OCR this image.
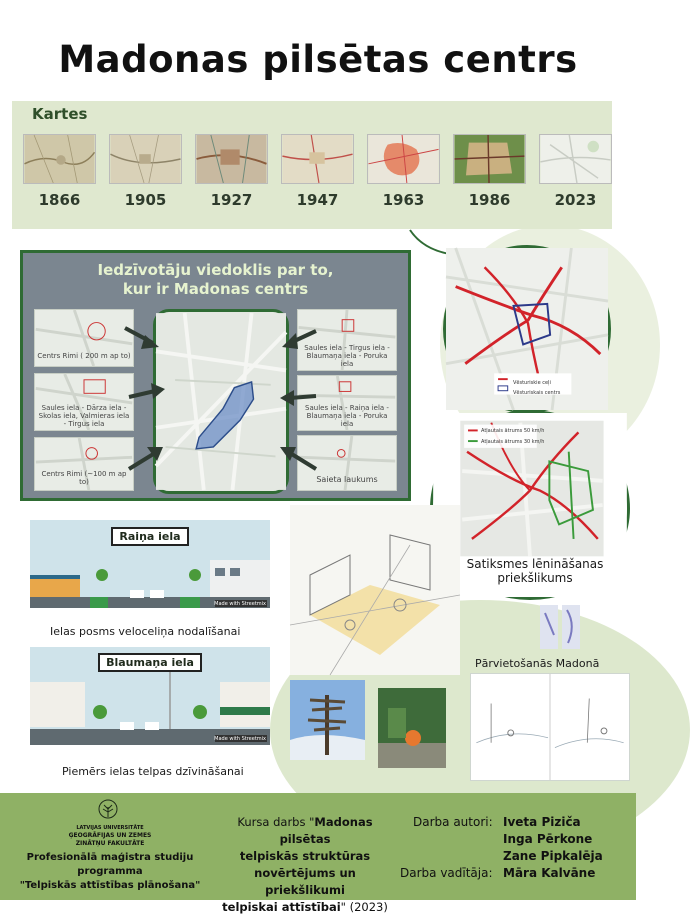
Madonas pilsētas centrs
Kartes
1866	1905	1927	1947	1963	1986	2023
Iedzīvotāju viedoklis par to,
kur ir Madonas centrs
Centrs Rimi ( 200 m ap to)
Saules iela - Dārza iela - Skolas iela, Valmieras iela - Tirgus iela
Centrs Rimi (~100 m ap to)
Saules iela - Tirgus iela - Blaumaņa iela - Poruka iela
Saules iela - Raiņa iela - Blaumaņa iela - Poruka iela
Saieta laukums
Vēsturiskie ceļi
Vēsturiskais centrs
Atļautais ātrums 50 km/h
Atļautais ātrums 30 km/h
Satiksmes lēnināšanas
priekšlikums
Raiņa iela
Made with Streetmix
Ielas posms veloceliņa nodalīšanai
Blaumaņa iela
Made with Streetmix
Piemērs ielas telpas dzīvināšanai
Pārvietošanās Madonā
LATVIJAS UNIVERSITĀTE
ĢEOGRĀFIJAS UN ZEMES
ZINĀTŅU FAKULTĀTE
Profesionālā maģistra studiju
programma
"Telpiskās attīstības plānošana"
Kursa darbs "Madonas pilsētas
telpiskās struktūras
novērtējums un priekšlikumi
telpiskai attīstībai" (2023)
Darba autori: Iveta Piziča
Inga Pērkone
Zane Pipkalēja
Darba vadītāja: Māra Kalvāne
